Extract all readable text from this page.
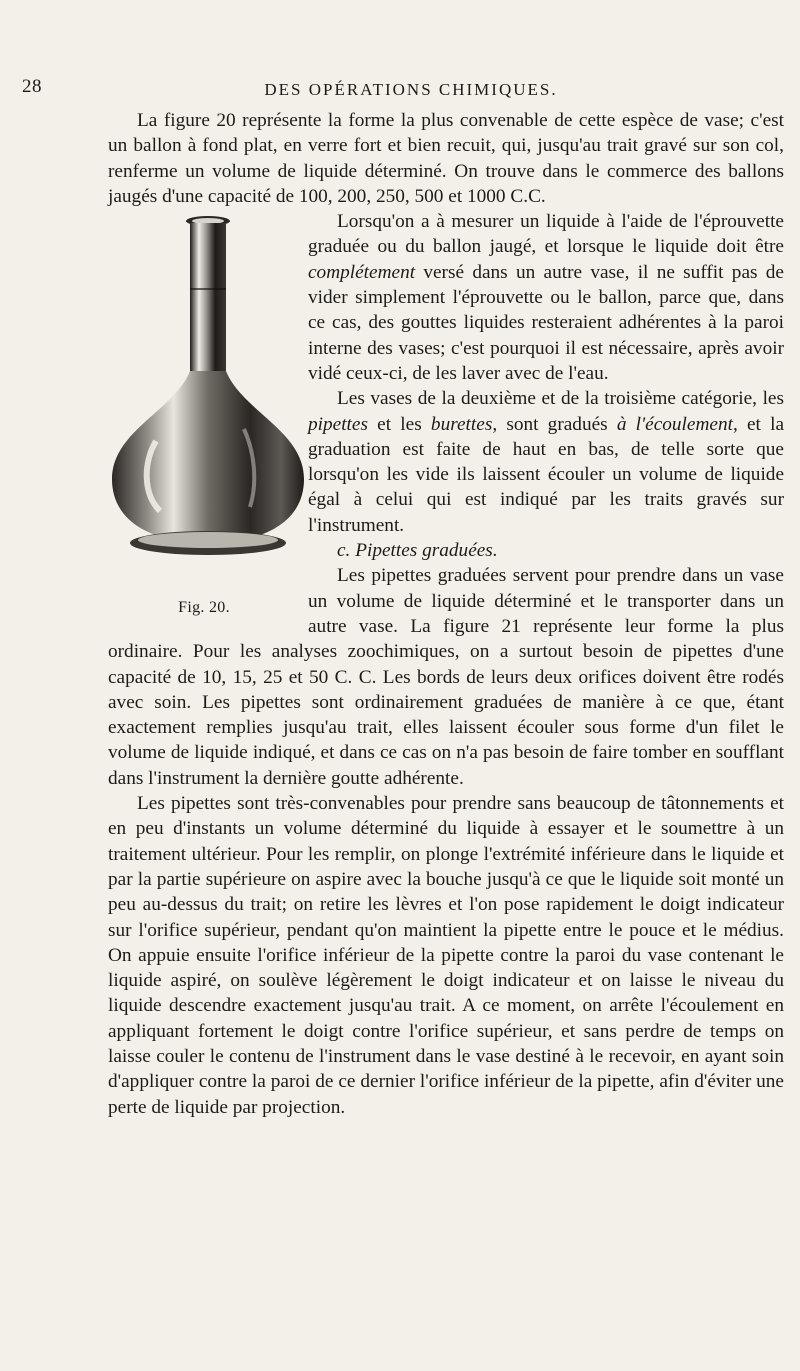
28	DES OPÉRATIONS CHIMIQUES.

La figure 20 représente la forme la plus convenable de cette espèce de vase; c'est un ballon à fond plat, en verre fort et bien recuit, qui, jusqu'au trait gravé sur son col, renferme un volume de liquide déterminé. On trouve dans le commerce des ballons jaugés d'une capacité de 100, 200, 250, 500 et 1000 C.C.

Fig. 20.

Lorsqu'on a à mesurer un liquide à l'aide de l'éprouvette graduée ou du ballon jaugé, et lorsque le liquide doit être complétement versé dans un autre vase, il ne suffit pas de vider simplement l'éprouvette ou le ballon, parce que, dans ce cas, des gouttes liquides resteraient adhérentes à la paroi interne des vases; c'est pourquoi il est nécessaire, après avoir vidé ceux-ci, de les laver avec de l'eau.

Les vases de la deuxième et de la troisième catégorie, les pipettes et les burettes, sont gradués à l'écoulement, et la graduation est faite de haut en bas, de telle sorte que lorsqu'on les vide ils laissent écouler un volume de liquide égal à celui qui est indiqué par les traits gravés sur l'instrument.

c. Pipettes graduées.

Les pipettes graduées servent pour prendre dans un vase un volume de liquide déterminé et le transporter dans un autre vase. La figure 21 représente leur forme la plus ordinaire. Pour les analyses zoochimiques, on a surtout besoin de pipettes d'une capacité de 10, 15, 25 et 50 C. C. Les bords de leurs deux orifices doivent être rodés avec soin. Les pipettes sont ordinairement graduées de manière à ce que, étant exactement remplies jusqu'au trait, elles laissent écouler sous forme d'un filet le volume de liquide indiqué, et dans ce cas on n'a pas besoin de faire tomber en soufflant dans l'instrument la dernière goutte adhérente.

Les pipettes sont très-convenables pour prendre sans beaucoup de tâtonnements et en peu d'instants un volume déterminé du liquide à essayer et le soumettre à un traitement ultérieur. Pour les remplir, on plonge l'extrémité inférieure dans le liquide et par la partie supérieure on aspire avec la bouche jusqu'à ce que le liquide soit monté un peu au-dessus du trait; on retire les lèvres et l'on pose rapidement le doigt indicateur sur l'orifice supérieur, pendant qu'on maintient la pipette entre le pouce et le médius. On appuie ensuite l'orifice inférieur de la pipette contre la paroi du vase contenant le liquide aspiré, on soulève légèrement le doigt indicateur et on laisse le niveau du liquide descendre exactement jusqu'au trait. A ce moment, on arrête l'écoulement en appliquant fortement le doigt contre l'orifice supérieur, et sans perdre de temps on laisse couler le contenu de l'instrument dans le vase destiné à le recevoir, en ayant soin d'appliquer contre la paroi de ce dernier l'orifice inférieur de la pipette, afin d'éviter une perte de liquide par projection.
